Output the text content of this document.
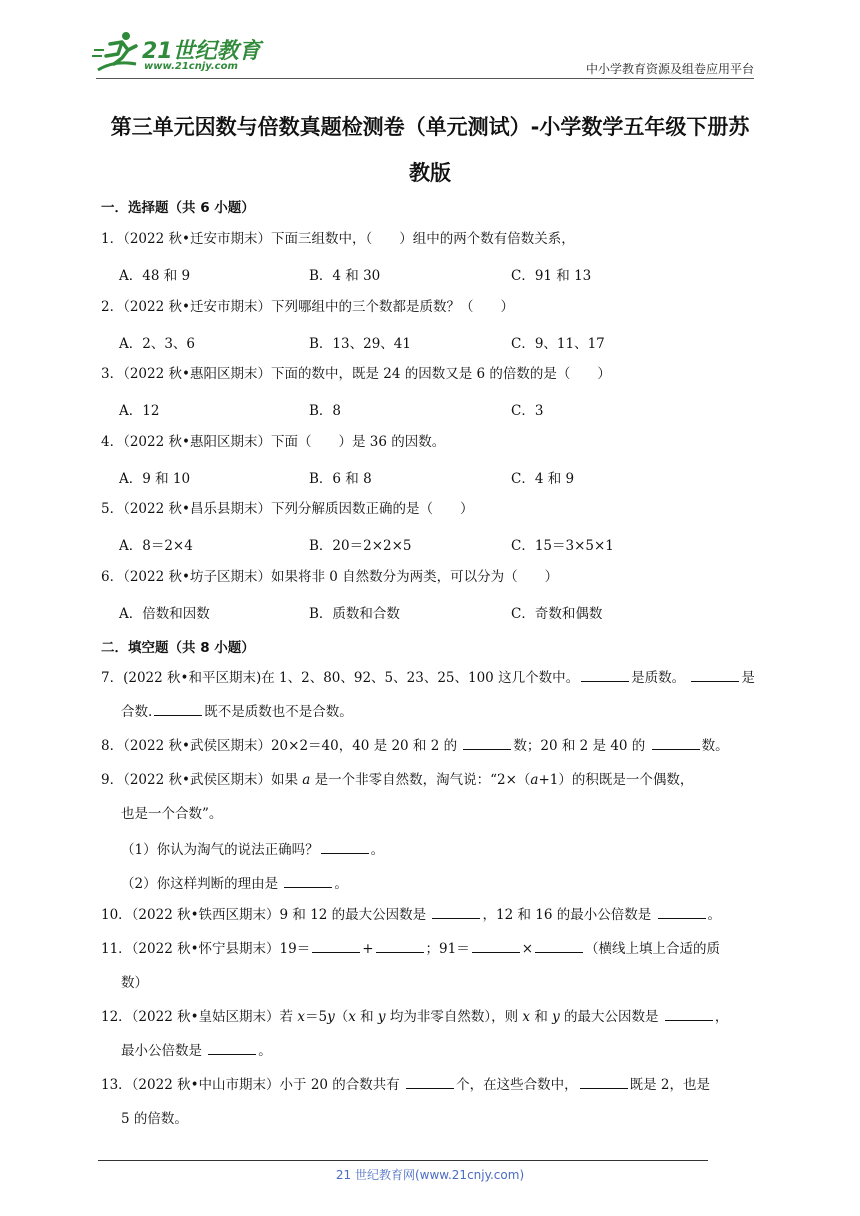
21世纪教育
www.21cnjy.com	中小学教育资源及组卷应用平台
第三单元因数与倍数真题检测卷（单元测试）-小学数学五年级下册苏
教版
一．选择题（共 6 小题）
1．（2022 秋•迁安市期末）下面三组数中，（　　）组中的两个数有倍数关系，
A．48 和 9	B．4 和 30	C．91 和 13
2．（2022 秋•迁安市期末）下列哪组中的三个数都是质数？（　　）
A．2、3、6	B．13、29、41	C．9、11、17
3．（2022 秋•惠阳区期末）下面的数中，既是 24 的因数又是 6 的倍数的是（　　）
A．12	B．8	C．3
4．（2022 秋•惠阳区期末）下面（　　）是 36 的因数。
A．9 和 10	B．6 和 8	C．4 和 9
5．（2022 秋•昌乐县期末）下列分解质因数正确的是（　　）
A．8＝2×4	B．20＝2×2×5	C．15＝3×5×1
6．（2022 秋•坊子区期末）如果将非 0 自然数分为两类，可以分为（　　）
A．倍数和因数	B．质数和合数	C．奇数和偶数
二．填空题（共 8 小题）
7．(2022 秋•和平区期末)在 1、2、80、92、5、23、25、100 这几个数中。	是质数。	是
合数.	既不是质数也不是合数。
8．（2022 秋•武侯区期末）20×2＝40，40 是 20 和 2 的	数；20 和 2 是 40 的	数。
9．（2022 秋•武侯区期末）如果 a 是一个非零自然数，淘气说：“2×（a+1）的积既是一个偶数，
也是一个合数”。
（1）你认为淘气的说法正确吗？	。
（2）你这样判断的理由是	。
10．（2022 秋•铁西区期末）9 和 12 的最大公因数是	，12 和 16 的最小公倍数是	。
11．（2022 秋•怀宁县期末）19＝	+	；91＝	×	（横线上填上合适的质
数）
12．（2022 秋•皇姑区期末）若 x＝5y（x 和 y 均为非零自然数），则 x 和 y 的最大公因数是	，
最小公倍数是	。
13．（2022 秋•中山市期末）小于 20 的合数共有	个，在这些合数中，	既是 2，也是
5 的倍数。
21 世纪教育网(www.21cnjy.com)
